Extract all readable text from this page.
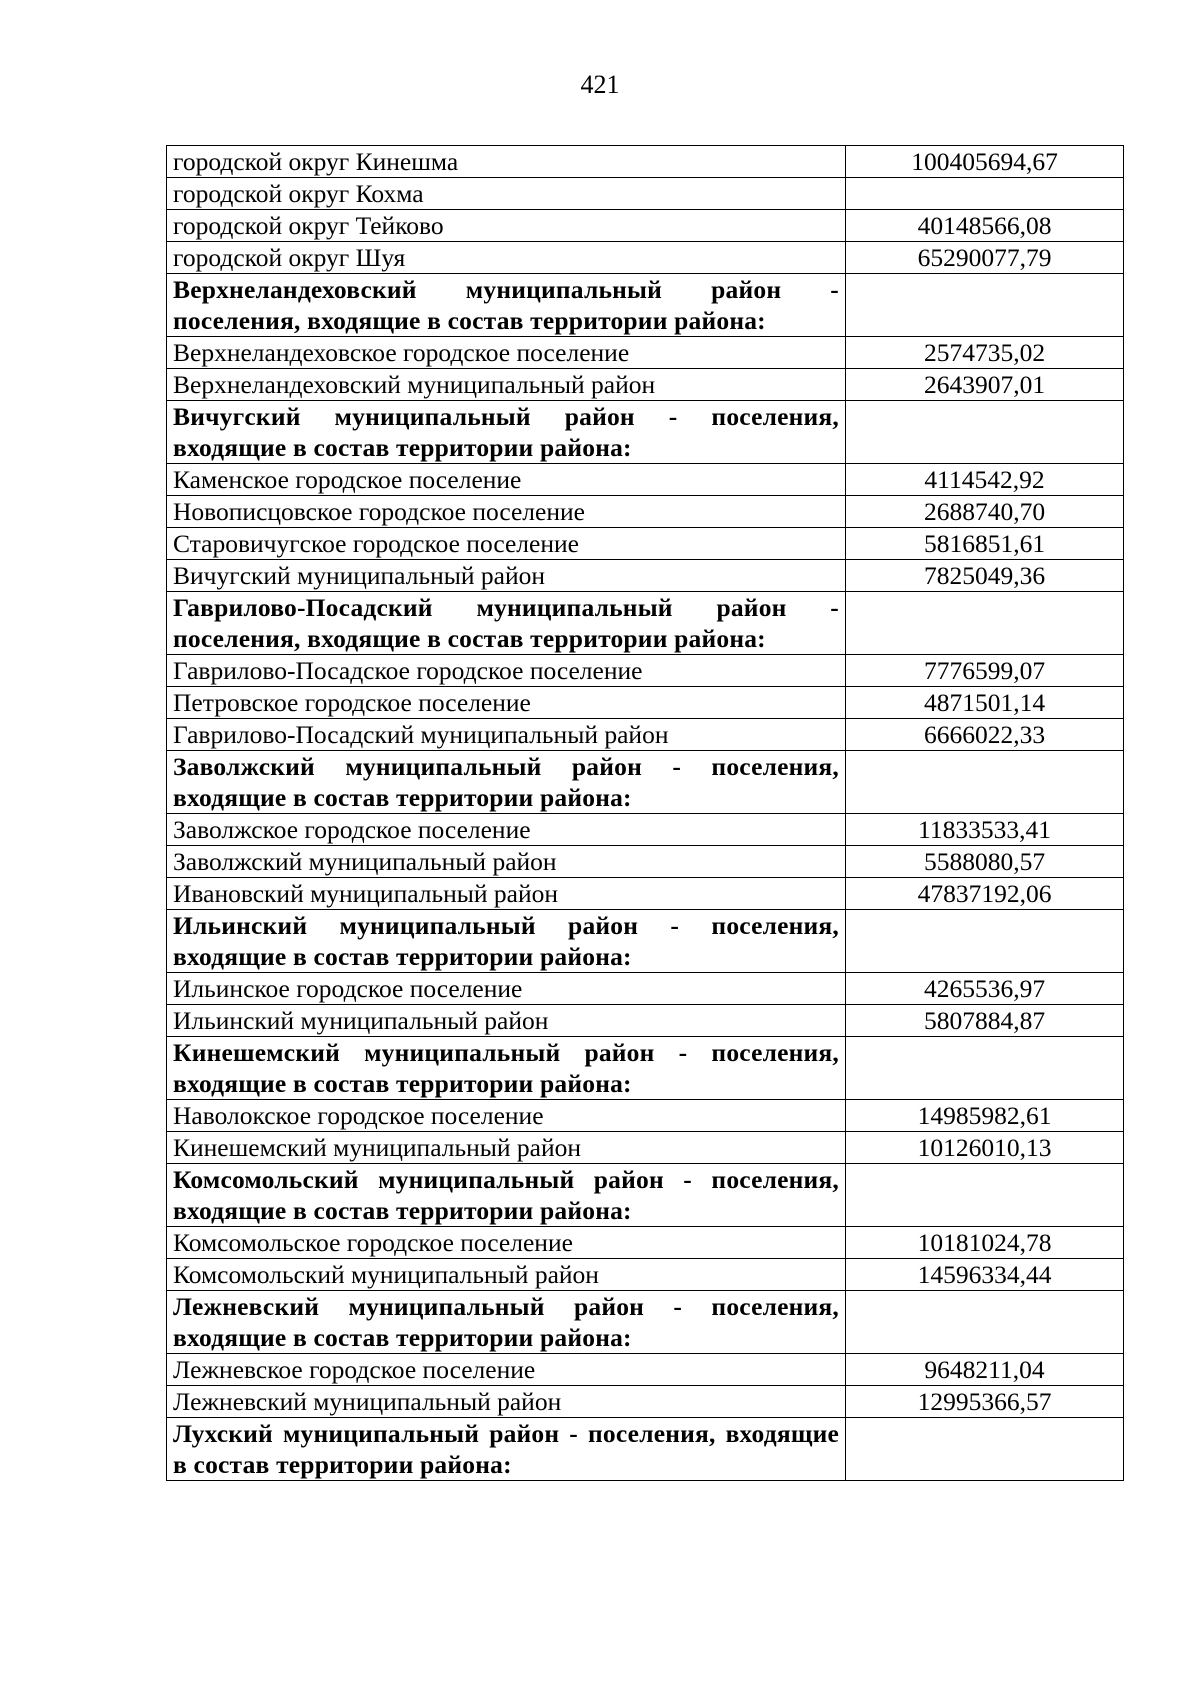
421
городской округ Кинешма	100405694,67
городской округ Кохма	
городской округ Тейково	40148566,08
городской округ Шуя	65290077,79
Верхнеландеховский муниципальный район - поселения, входящие в состав территории района:	
Верхнеландеховское городское поселение	2574735,02
Верхнеландеховский муниципальный район	2643907,01
Вичугский муниципальный район - поселения, входящие в состав территории района:	
Каменское городское поселение	4114542,92
Новописцовское городское поселение	2688740,70
Старовичугское городское поселение	5816851,61
Вичугский муниципальный район	7825049,36
Гаврилово-Посадский муниципальный район - поселения, входящие в состав территории района:	
Гаврилово-Посадское городское поселение	7776599,07
Петровское городское поселение	4871501,14
Гаврилово-Посадский муниципальный район	6666022,33
Заволжский муниципальный район - поселения, входящие в состав территории района:	
Заволжское городское поселение	11833533,41
Заволжский муниципальный район	5588080,57
Ивановский муниципальный район	47837192,06
Ильинский муниципальный район - поселения, входящие в состав территории района:	
Ильинское городское поселение	4265536,97
Ильинский муниципальный район	5807884,87
Кинешемский муниципальный район - поселения, входящие в состав территории района:	
Наволокское городское поселение	14985982,61
Кинешемский муниципальный район	10126010,13
Комсомольский муниципальный район - поселения, входящие в состав территории района:	
Комсомольское городское поселение	10181024,78
Комсомольский муниципальный район	14596334,44
Лежневский муниципальный район - поселения, входящие в состав территории района:	
Лежневское городское поселение	9648211,04
Лежневский муниципальный район	12995366,57
Лухский муниципальный район - поселения, входящие в состав территории района:	
